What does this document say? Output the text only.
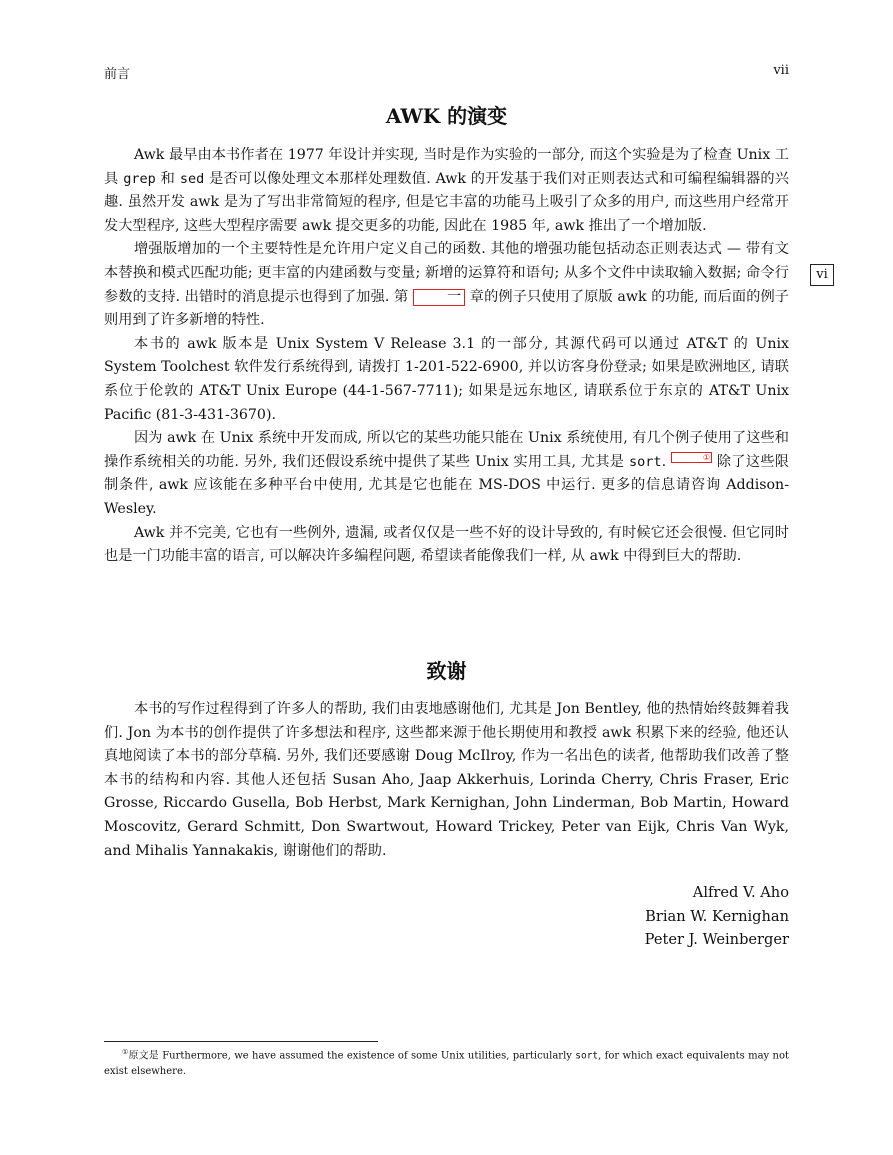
前言	vii
AWK 的演变
vi

Awk 最早由本书作者在 1977 年设计并实现, 当时是作为实验的一部分, 而这个实验是为了检查 Unix 工具 grep 和 sed 是否可以像处理文本那样处理数值. Awk 的开发基于我们对正则表达式和可编程编辑器的兴趣. 虽然开发 awk 是为了写出非常简短的程序, 但是它丰富的功能马上吸引了众多的用户, 而这些用户经常开发大型程序, 这些大型程序需要 awk 提交更多的功能, 因此在 1985 年, awk 推出了一个增加版.

增强版增加的一个主要特性是允许用户定义自己的函数. 其他的增强功能包括动态正则表达式 — 带有文本替换和模式匹配功能; 更丰富的内建函数与变量; 新增的运算符和语句; 从多个文件中读取输入数据; 命令行参数的支持. 出错时的消息提示也得到了加强. 第 一 章的例子只使用了原版 awk 的功能, 而后面的例子则用到了许多新增的特性.

本书的 awk 版本是 Unix System V Release 3.1 的一部分, 其源代码可以通过 AT&T 的 Unix System Toolchest 软件发行系统得到, 请拨打 1-201-522-6900, 并以访客身份登录; 如果是欧洲地区, 请联系位于伦敦的 AT&T Unix Europe (44-1-567-7711); 如果是远东地区, 请联系位于东京的 AT&T Unix Pacific (81-3-431-3670).

因为 awk 在 Unix 系统中开发而成, 所以它的某些功能只能在 Unix 系统使用, 有几个例子使用了这些和操作系统相关的功能. 另外, 我们还假设系统中提供了某些 Unix 实用工具, 尤其是 sort.	① 除了这些限制条件, awk 应该能在多种平台中使用, 尤其是它也能在 MS-DOS 中运行. 更多的信息请咨询 Addison-Wesley.

Awk 并不完美, 它也有一些例外, 遗漏, 或者仅仅是一些不好的设计导致的, 有时候它还会很慢. 但它同时也是一门功能丰富的语言, 可以解决许多编程问题, 希望读者能像我们一样, 从 awk 中得到巨大的帮助.

致谢

本书的写作过程得到了许多人的帮助, 我们由衷地感谢他们, 尤其是 Jon Bentley, 他的热情始终鼓舞着我们. Jon 为本书的创作提供了许多想法和程序, 这些都来源于他长期使用和教授 awk 积累下来的经验, 他还认真地阅读了本书的部分草稿. 另外, 我们还要感谢 Doug McIlroy, 作为一名出色的读者, 他帮助我们改善了整本书的结构和内容. 其他人还包括 Susan Aho, Jaap Akkerhuis, Lorinda Cherry, Chris Fraser, Eric Grosse, Riccardo Gusella, Bob Herbst, Mark Kernighan, John Linderman, Bob Martin, Howard Moscovitz, Gerard Schmitt, Don Swartwout, Howard Trickey, Peter van Eijk, Chris Van Wyk, and Mihalis Yannakakis, 谢谢他们的帮助.

Alfred V. Aho
Brian W. Kernighan
Peter J. Weinberger
①原文是 Furthermore, we have assumed the existence of some Unix utilities, particularly sort, for which exact equivalents may not exist elsewhere.
